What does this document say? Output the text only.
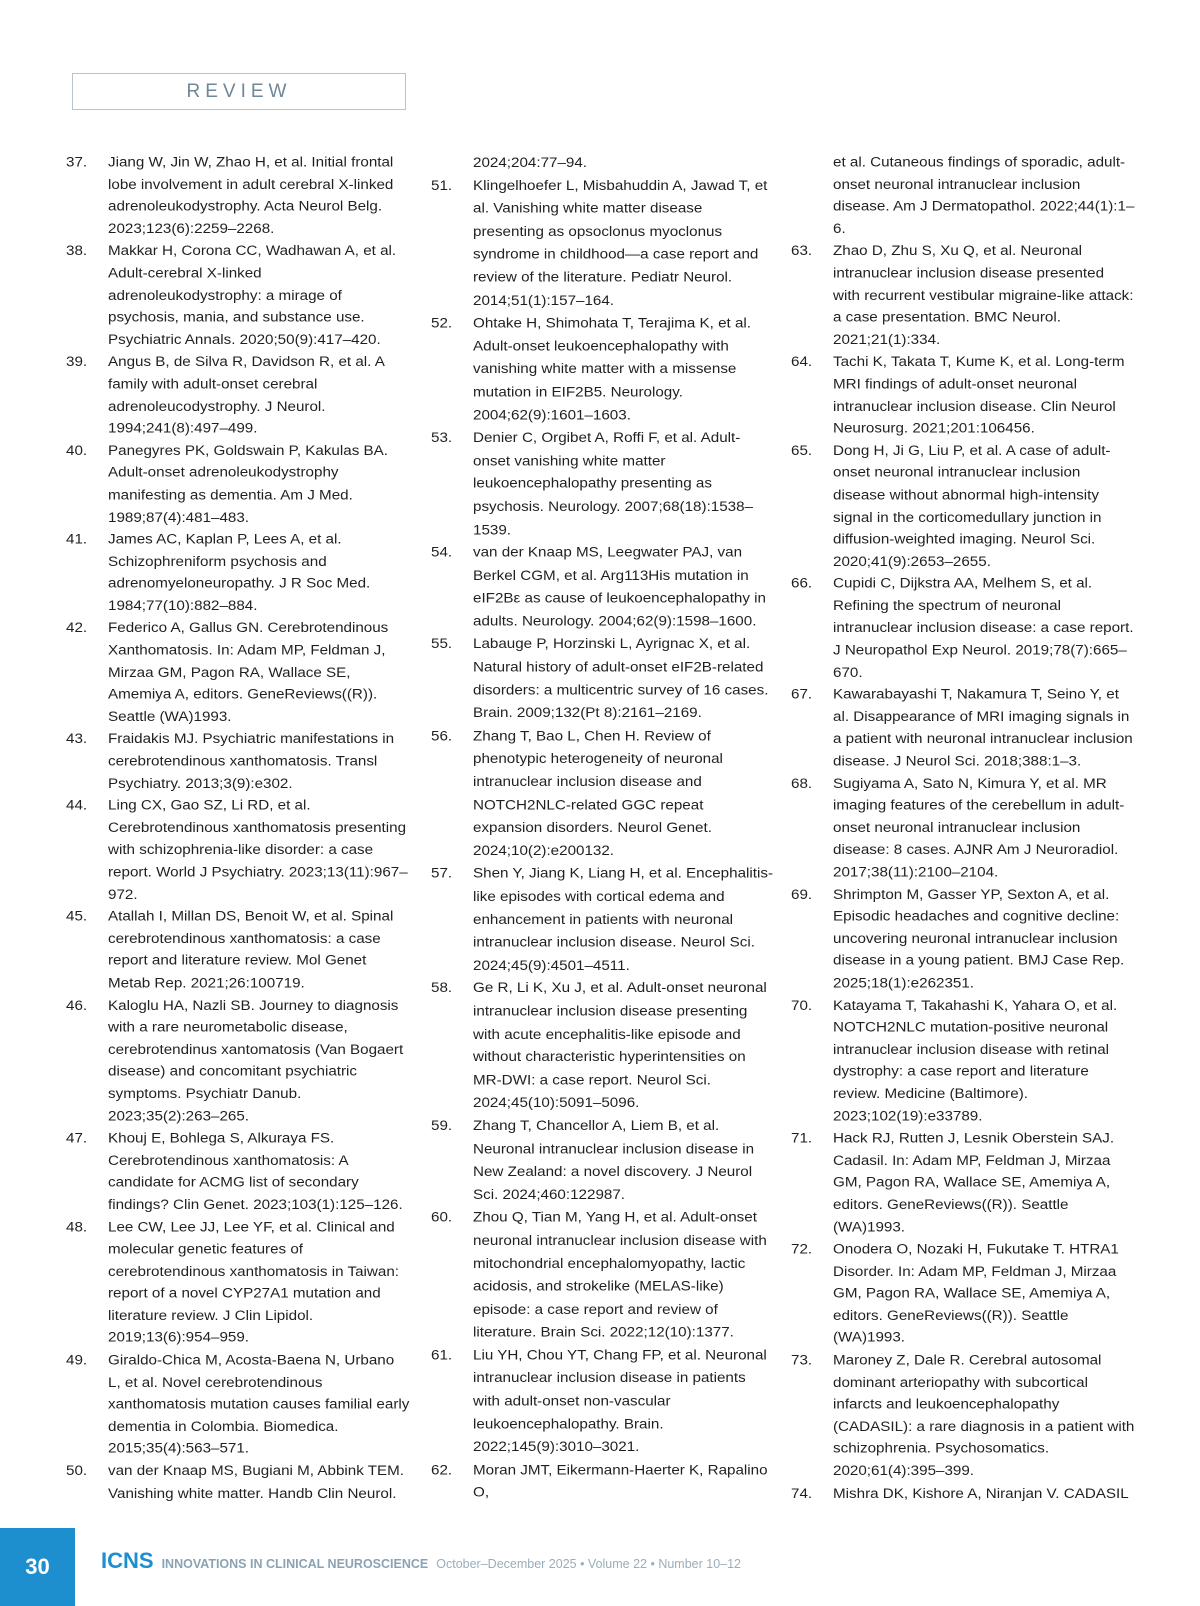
REVIEW
37.	Jiang W, Jin W, Zhao H, et al. Initial frontal lobe involvement in adult cerebral X-linked adrenoleukodystrophy. Acta Neurol Belg. 2023;123(6):2259–2268.
38.	Makkar H, Corona CC, Wadhawan A, et al. Adult-cerebral X-linked adrenoleukodystrophy: a mirage of psychosis, mania, and substance use. Psychiatric Annals. 2020;50(9):417–420.
39.	Angus B, de Silva R, Davidson R, et al. A family with adult-onset cerebral adrenoleucodystrophy. J Neurol. 1994;241(8):497–499.
40.	Panegyres PK, Goldswain P, Kakulas BA. Adult-onset adrenoleukodystrophy manifesting as dementia. Am J Med. 1989;87(4):481–483.
41.	James AC, Kaplan P, Lees A, et al. Schizophreniform psychosis and adrenomyeloneuropathy. J R Soc Med. 1984;77(10):882–884.
42.	Federico A, Gallus GN. Cerebrotendinous Xanthomatosis. In: Adam MP, Feldman J, Mirzaa GM, Pagon RA, Wallace SE, Amemiya A, editors. GeneReviews((R)). Seattle (WA)1993.
43.	Fraidakis MJ. Psychiatric manifestations in cerebrotendinous xanthomatosis. Transl Psychiatry. 2013;3(9):e302.
44.	Ling CX, Gao SZ, Li RD, et al. Cerebrotendinous xanthomatosis presenting with schizophrenia-like disorder: a case report. World J Psychiatry. 2023;13(11):967–972.
45.	Atallah I, Millan DS, Benoit W, et al. Spinal cerebrotendinous xanthomatosis: a case report and literature review. Mol Genet Metab Rep. 2021;26:100719.
46.	Kaloglu HA, Nazli SB. Journey to diagnosis with a rare neurometabolic disease, cerebrotendinus xantomatosis (Van Bogaert disease) and concomitant psychiatric symptoms. Psychiatr Danub. 2023;35(2):263–265.
47.	Khouj E, Bohlega S, Alkuraya FS. Cerebrotendinous xanthomatosis: A candidate for ACMG list of secondary findings? Clin Genet. 2023;103(1):125–126.
48.	Lee CW, Lee JJ, Lee YF, et al. Clinical and molecular genetic features of cerebrotendinous xanthomatosis in Taiwan: report of a novel CYP27A1 mutation and literature review. J Clin Lipidol. 2019;13(6):954–959.
49.	Giraldo-Chica M, Acosta-Baena N, Urbano L, et al. Novel cerebrotendinous xanthomatosis mutation causes familial early dementia in Colombia. Biomedica. 2015;35(4):563–571.
50.	van der Knaap MS, Bugiani M, Abbink TEM. Vanishing white matter. Handb Clin Neurol.
2024;204:77–94.
51.	Klingelhoefer L, Misbahuddin A, Jawad T, et al. Vanishing white matter disease presenting as opsoclonus myoclonus syndrome in childhood—a case report and review of the literature. Pediatr Neurol. 2014;51(1):157–164.
52.	Ohtake H, Shimohata T, Terajima K, et al. Adult-onset leukoencephalopathy with vanishing white matter with a missense mutation in EIF2B5. Neurology. 2004;62(9):1601–1603.
53.	Denier C, Orgibet A, Roffi F, et al. Adult-onset vanishing white matter leukoencephalopathy presenting as psychosis. Neurology. 2007;68(18):1538–1539.
54.	van der Knaap MS, Leegwater PAJ, van Berkel CGM, et al. Arg113His mutation in eIF2Bε as cause of leukoencephalopathy in adults. Neurology. 2004;62(9):1598–1600.
55.	Labauge P, Horzinski L, Ayrignac X, et al. Natural history of adult-onset eIF2B-related disorders: a multicentric survey of 16 cases. Brain. 2009;132(Pt 8):2161–2169.
56.	Zhang T, Bao L, Chen H. Review of phenotypic heterogeneity of neuronal intranuclear inclusion disease and NOTCH2NLC-related GGC repeat expansion disorders. Neurol Genet. 2024;10(2):e200132.
57.	Shen Y, Jiang K, Liang H, et al. Encephalitis-like episodes with cortical edema and enhancement in patients with neuronal intranuclear inclusion disease. Neurol Sci. 2024;45(9):4501–4511.
58.	Ge R, Li K, Xu J, et al. Adult-onset neuronal intranuclear inclusion disease presenting with acute encephalitis-like episode and without characteristic hyperintensities on MR-DWI: a case report. Neurol Sci. 2024;45(10):5091–5096.
59.	Zhang T, Chancellor A, Liem B, et al. Neuronal intranuclear inclusion disease in New Zealand: a novel discovery. J Neurol Sci. 2024;460:122987.
60.	Zhou Q, Tian M, Yang H, et al. Adult-onset neuronal intranuclear inclusion disease with mitochondrial encephalomyopathy, lactic acidosis, and strokelike (MELAS-like) episode: a case report and review of literature. Brain Sci. 2022;12(10):1377.
61.	Liu YH, Chou YT, Chang FP, et al. Neuronal intranuclear inclusion disease in patients with adult-onset non-vascular leukoencephalopathy. Brain. 2022;145(9):3010–3021.
62.	Moran JMT, Eikermann-Haerter K, Rapalino O,
et al. Cutaneous findings of sporadic, adult-onset neuronal intranuclear inclusion disease. Am J Dermatopathol. 2022;44(1):1–6.
63.	Zhao D, Zhu S, Xu Q, et al. Neuronal intranuclear inclusion disease presented with recurrent vestibular migraine-like attack: a case presentation. BMC Neurol. 2021;21(1):334.
64.	Tachi K, Takata T, Kume K, et al. Long-term MRI findings of adult-onset neuronal intranuclear inclusion disease. Clin Neurol Neurosurg. 2021;201:106456.
65.	Dong H, Ji G, Liu P, et al. A case of adult-onset neuronal intranuclear inclusion disease without abnormal high-intensity signal in the corticomedullary junction in diffusion-weighted imaging. Neurol Sci. 2020;41(9):2653–2655.
66.	Cupidi C, Dijkstra AA, Melhem S, et al. Refining the spectrum of neuronal intranuclear inclusion disease: a case report. J Neuropathol Exp Neurol. 2019;78(7):665–670.
67.	Kawarabayashi T, Nakamura T, Seino Y, et al. Disappearance of MRI imaging signals in a patient with neuronal intranuclear inclusion disease. J Neurol Sci. 2018;388:1–3.
68.	Sugiyama A, Sato N, Kimura Y, et al. MR imaging features of the cerebellum in adult-onset neuronal intranuclear inclusion disease: 8 cases. AJNR Am J Neuroradiol. 2017;38(11):2100–2104.
69.	Shrimpton M, Gasser YP, Sexton A, et al. Episodic headaches and cognitive decline: uncovering neuronal intranuclear inclusion disease in a young patient. BMJ Case Rep. 2025;18(1):e262351.
70.	Katayama T, Takahashi K, Yahara O, et al. NOTCH2NLC mutation-positive neuronal intranuclear inclusion disease with retinal dystrophy: a case report and literature review. Medicine (Baltimore). 2023;102(19):e33789.
71.	Hack RJ, Rutten J, Lesnik Oberstein SAJ. Cadasil. In: Adam MP, Feldman J, Mirzaa GM, Pagon RA, Wallace SE, Amemiya A, editors. GeneReviews((R)). Seattle (WA)1993.
72.	Onodera O, Nozaki H, Fukutake T. HTRA1 Disorder. In: Adam MP, Feldman J, Mirzaa GM, Pagon RA, Wallace SE, Amemiya A, editors. GeneReviews((R)). Seattle (WA)1993.
73.	Maroney Z, Dale R. Cerebral autosomal dominant arteriopathy with subcortical infarcts and leukoencephalopathy (CADASIL): a rare diagnosis in a patient with schizophrenia. Psychosomatics. 2020;61(4):395–399.
74.	Mishra DK, Kishore A, Niranjan V. CADASIL
30	ICNS INNOVATIONS IN CLINICAL NEUROSCIENCE October–December 2025 • Volume 22 • Number 10–12
